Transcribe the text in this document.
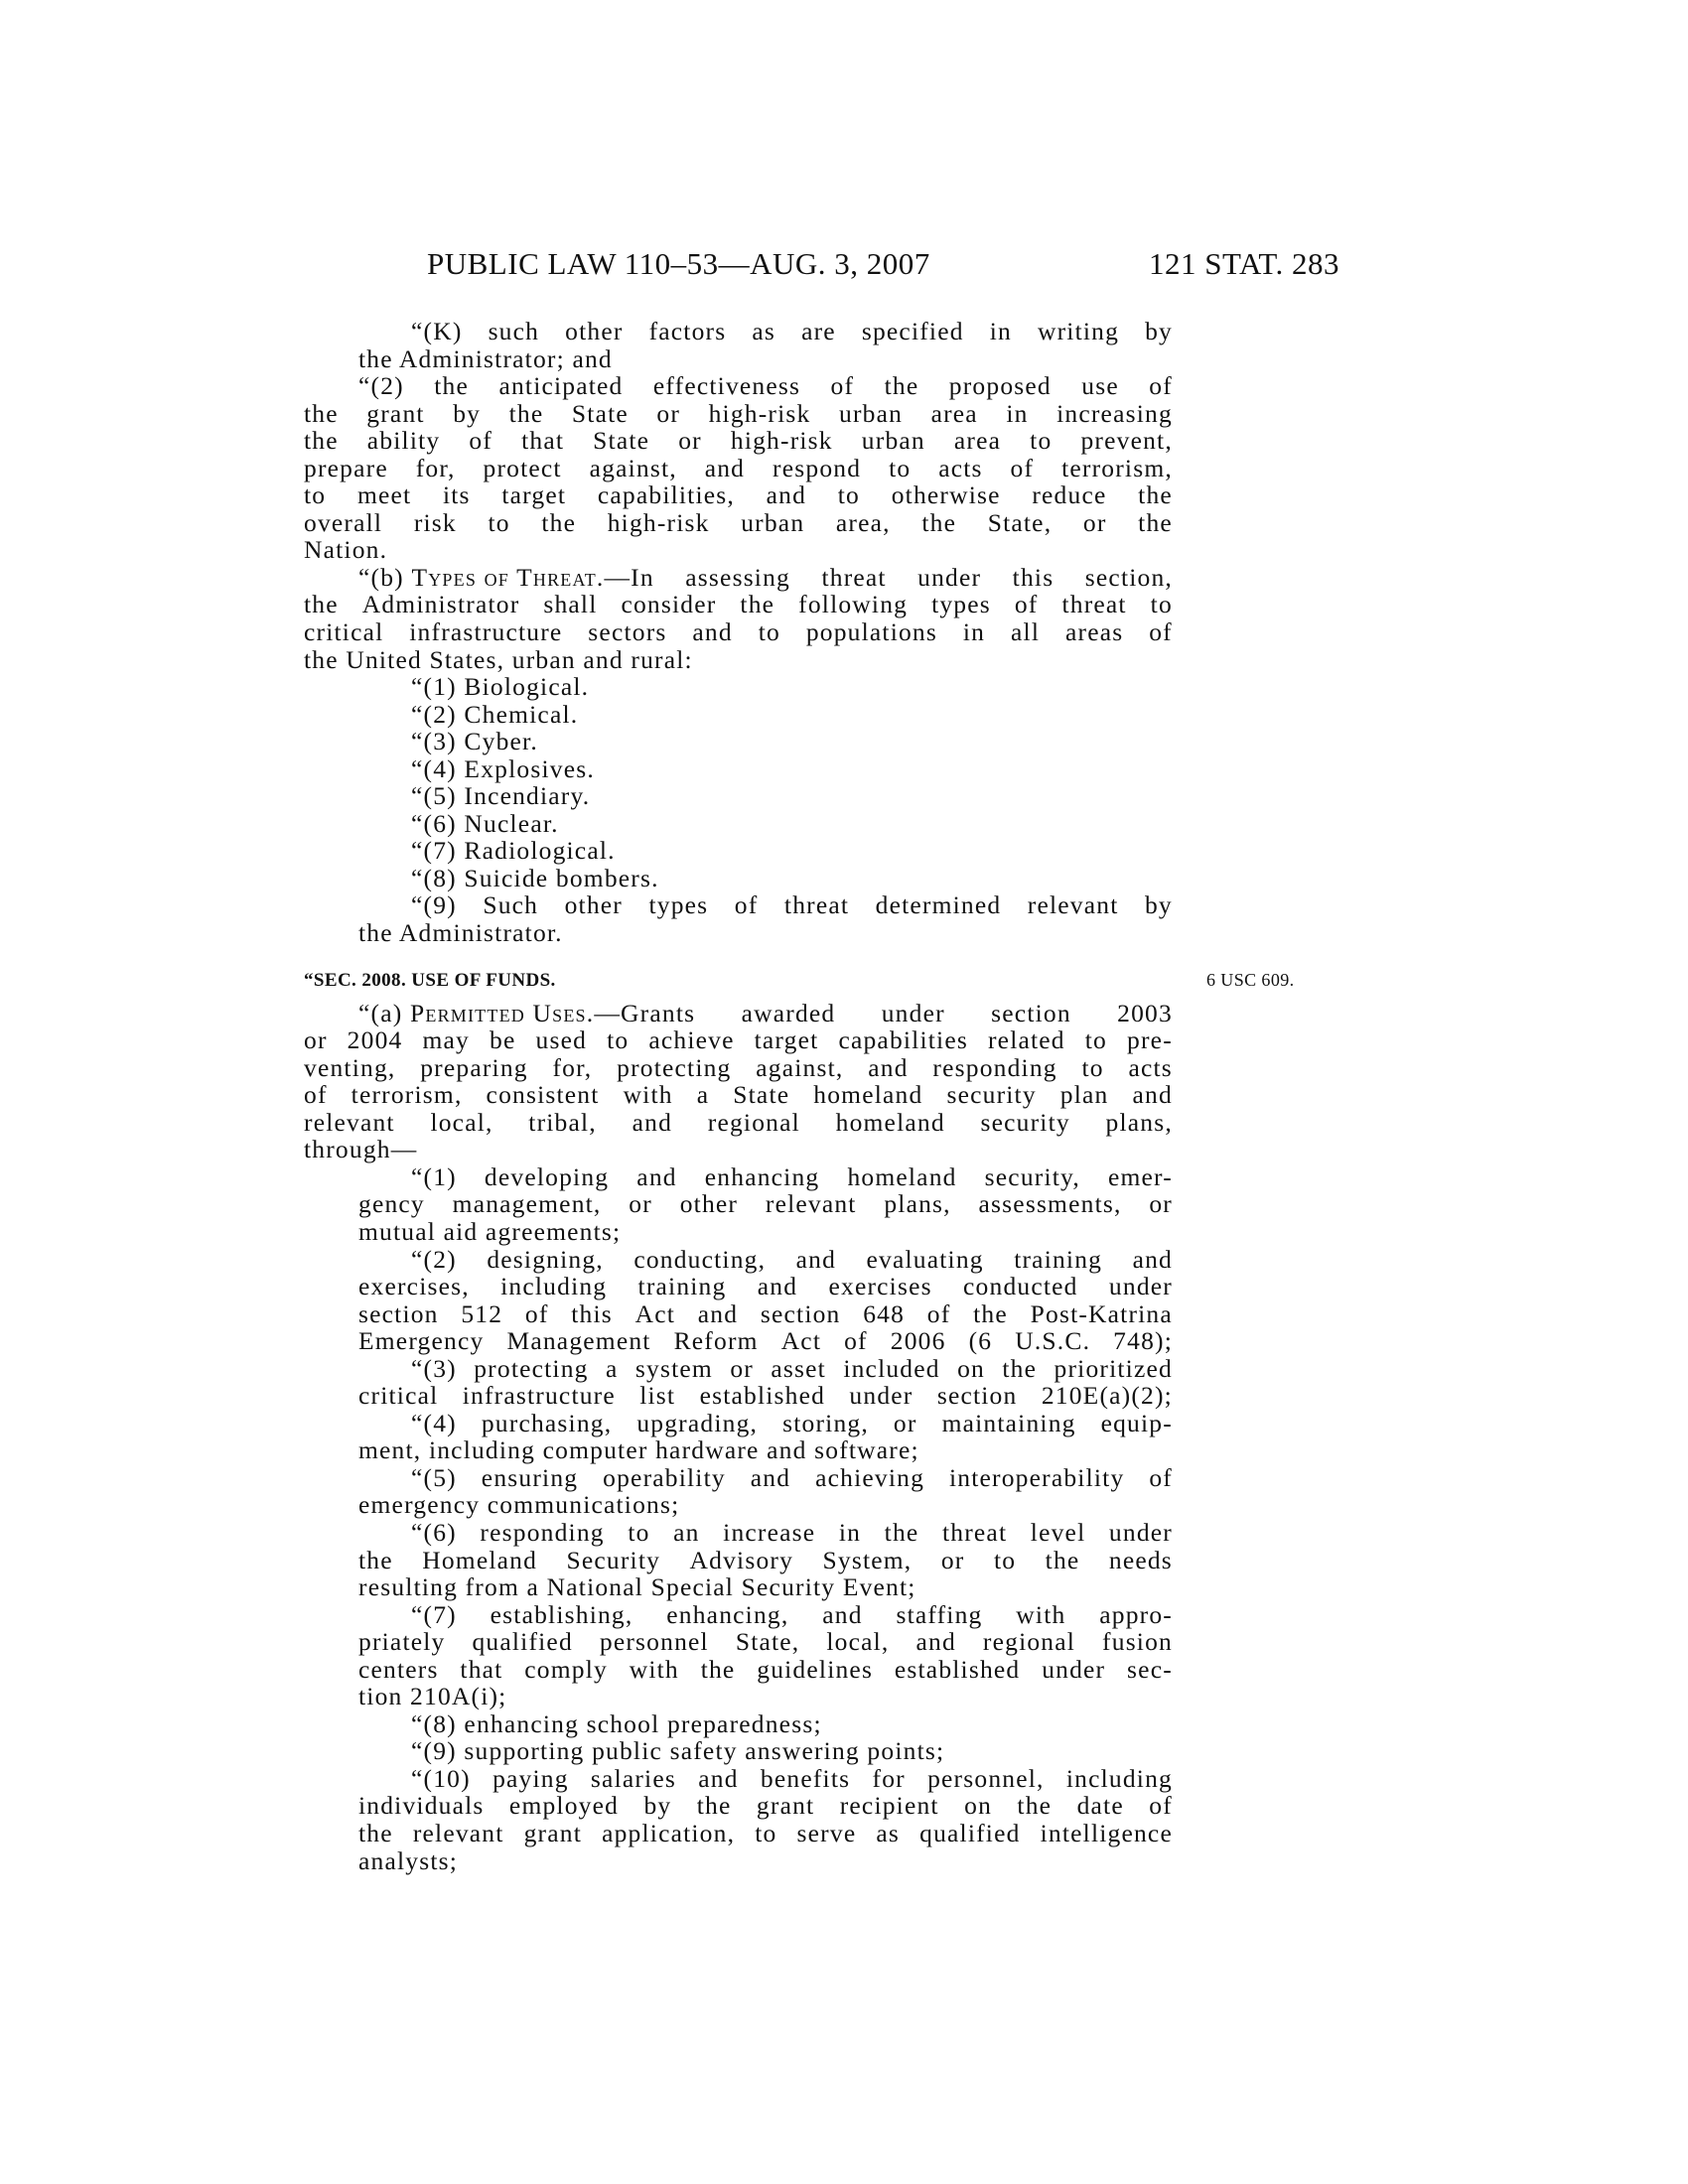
PUBLIC LAW 110–53—AUG. 3, 2007	121 STAT. 283
“(K) such other factors as are specified in writing by
the Administrator; and
“(2) the anticipated effectiveness of the proposed use of
the grant by the State or high-risk urban area in increasing
the ability of that State or high-risk urban area to prevent,
prepare for, protect against, and respond to acts of terrorism,
to meet its target capabilities, and to otherwise reduce the
overall risk to the high-risk urban area, the State, or the
Nation.
“(b) Types of Threat.—In assessing threat under this section,
the Administrator shall consider the following types of threat to
critical infrastructure sectors and to populations in all areas of
the United States, urban and rural:
“(1) Biological.
“(2) Chemical.
“(3) Cyber.
“(4) Explosives.
“(5) Incendiary.
“(6) Nuclear.
“(7) Radiological.
“(8) Suicide bombers.
“(9) Such other types of threat determined relevant by
the Administrator.
“SEC. 2008. USE OF FUNDS.	6 USC 609.
“(a) Permitted Uses.—Grants awarded under section 2003
or 2004 may be used to achieve target capabilities related to pre-
venting, preparing for, protecting against, and responding to acts
of terrorism, consistent with a State homeland security plan and
relevant local, tribal, and regional homeland security plans,
through—
“(1) developing and enhancing homeland security, emer-
gency management, or other relevant plans, assessments, or
mutual aid agreements;
“(2) designing, conducting, and evaluating training and
exercises, including training and exercises conducted under
section 512 of this Act and section 648 of the Post-Katrina
Emergency Management Reform Act of 2006 (6 U.S.C. 748);
“(3) protecting a system or asset included on the prioritized
critical infrastructure list established under section 210E(a)(2);
“(4) purchasing, upgrading, storing, or maintaining equip-
ment, including computer hardware and software;
“(5) ensuring operability and achieving interoperability of
emergency communications;
“(6) responding to an increase in the threat level under
the Homeland Security Advisory System, or to the needs
resulting from a National Special Security Event;
“(7) establishing, enhancing, and staffing with appro-
priately qualified personnel State, local, and regional fusion
centers that comply with the guidelines established under sec-
tion 210A(i);
“(8) enhancing school preparedness;
“(9) supporting public safety answering points;
“(10) paying salaries and benefits for personnel, including
individuals employed by the grant recipient on the date of
the relevant grant application, to serve as qualified intelligence
analysts;
